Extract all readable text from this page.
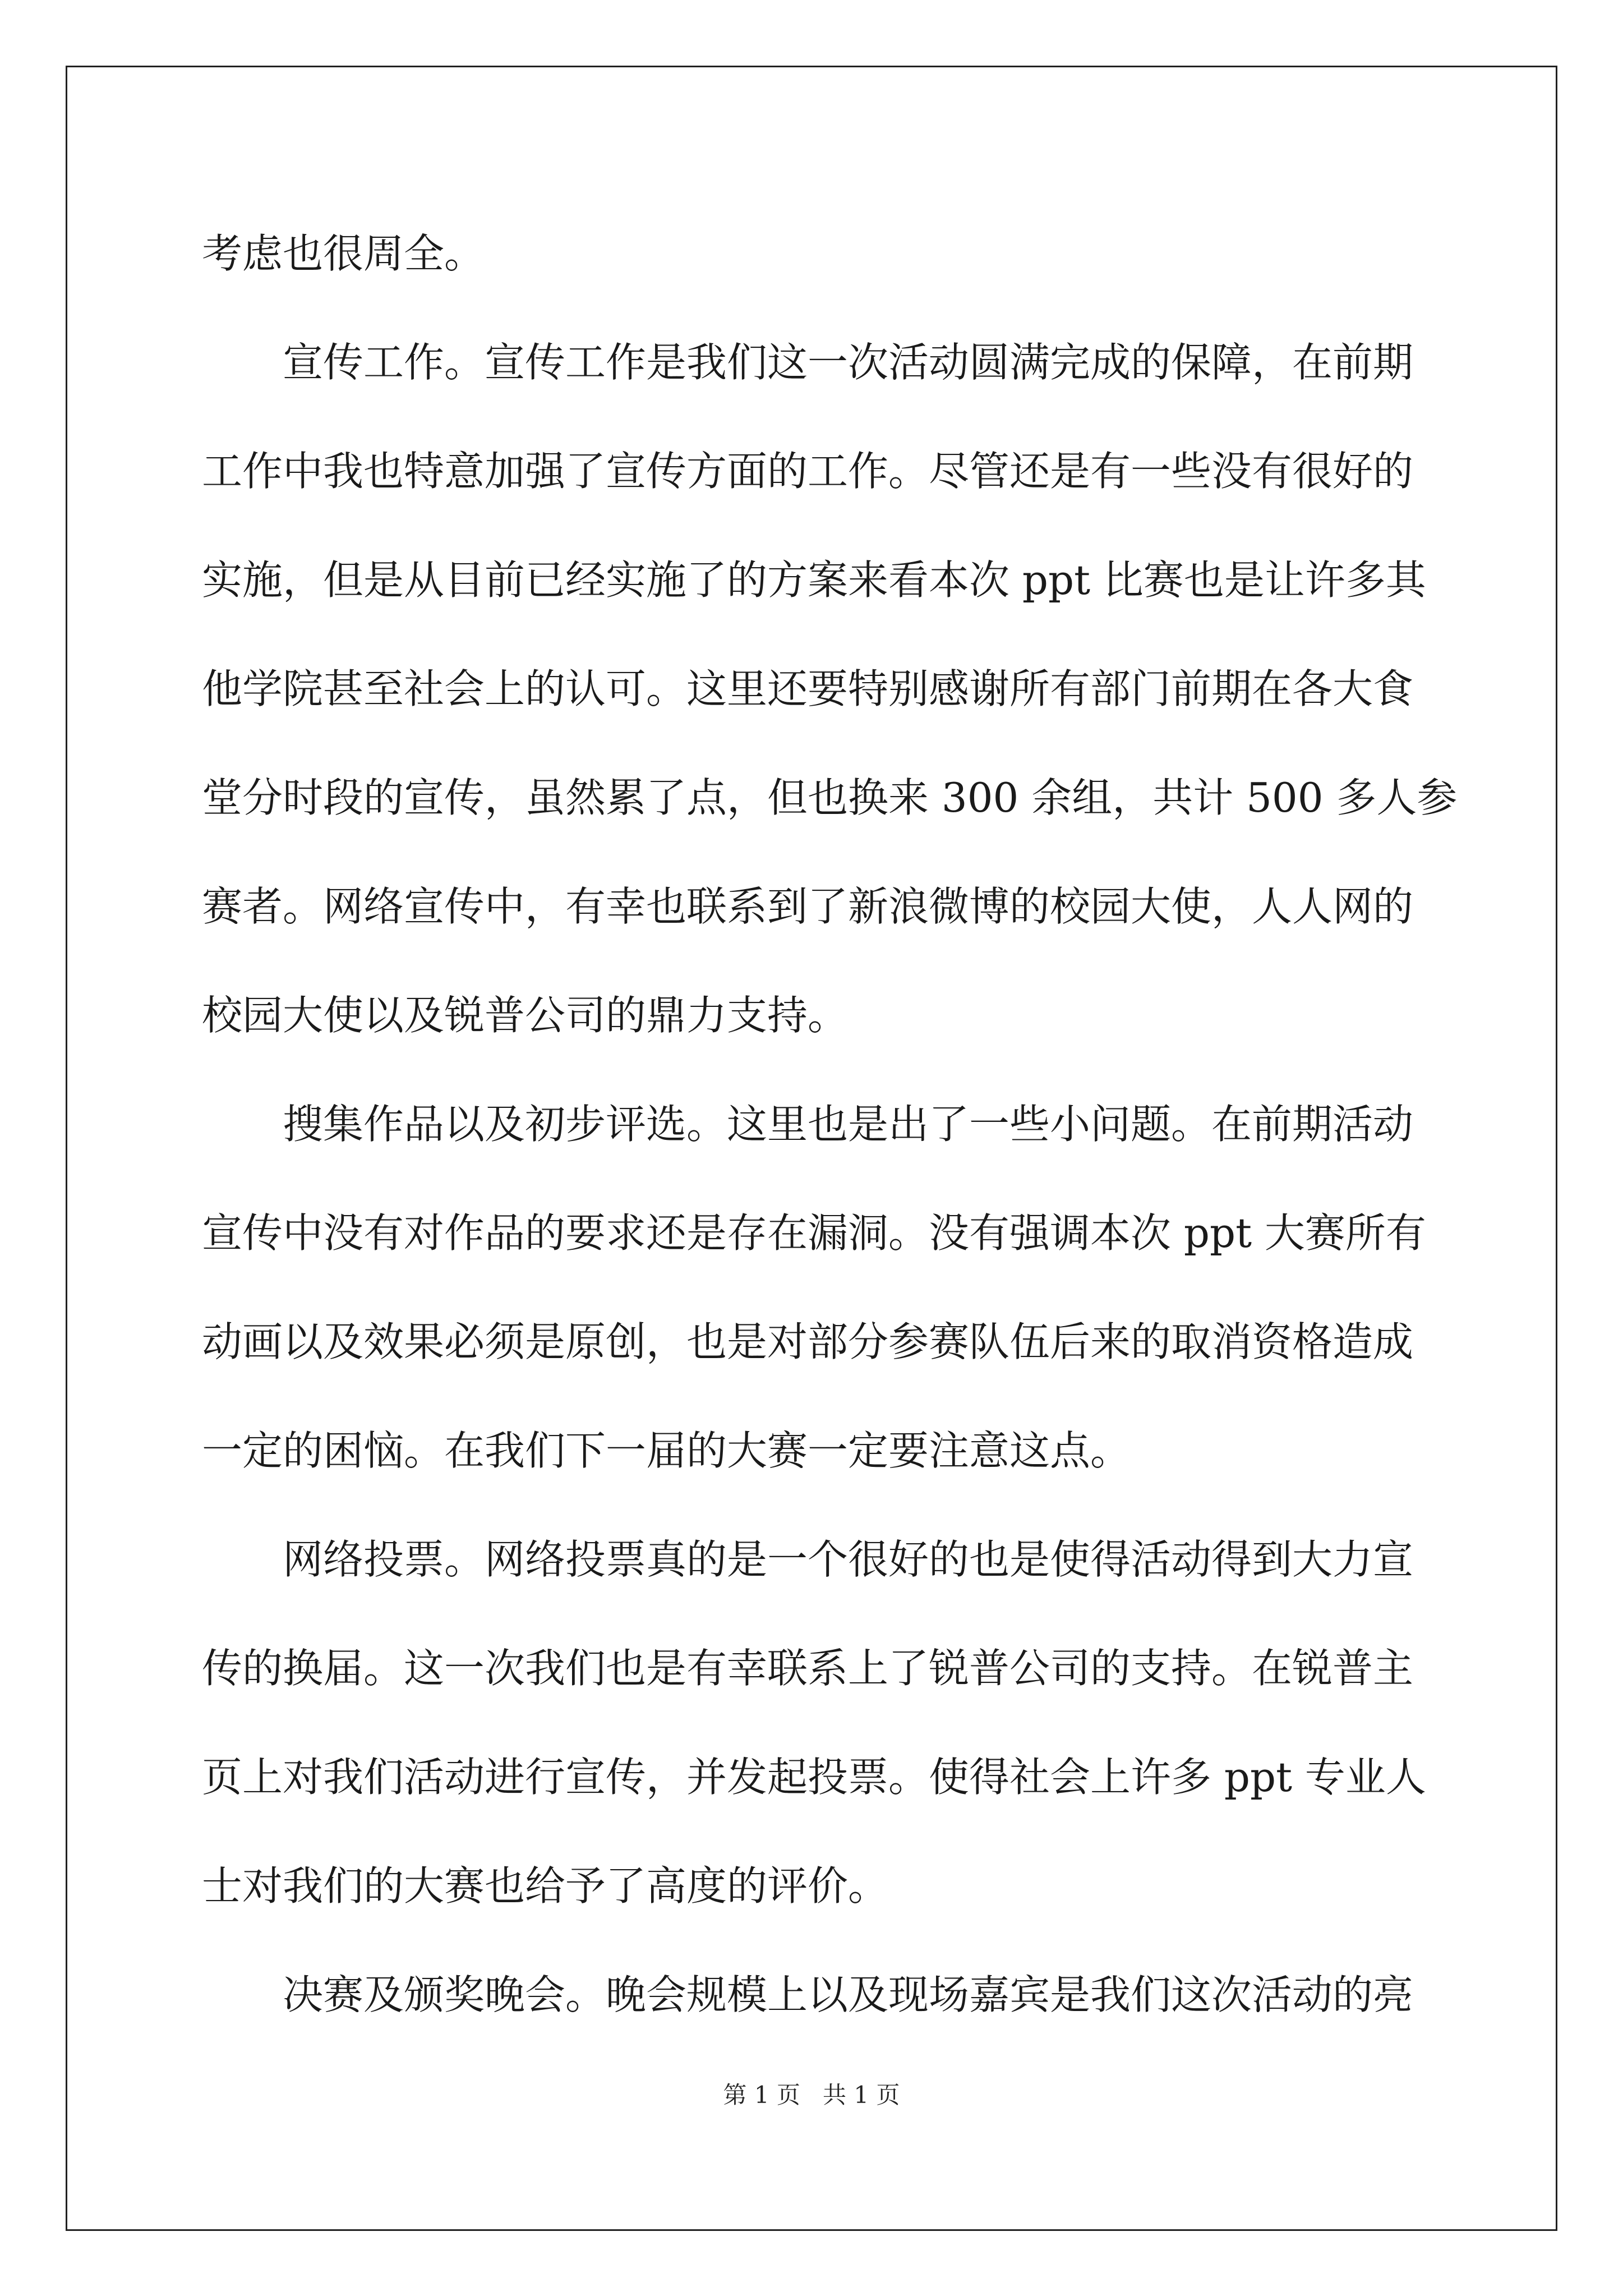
考虑也很周全。
宣传工作。宣传工作是我们这一次活动圆满完成的保障，在前期
工作中我也特意加强了宣传方面的工作。尽管还是有一些没有很好的
实施，但是从目前已经实施了的方案来看本次 ppt 比赛也是让许多其
他学院甚至社会上的认可。这里还要特别感谢所有部门前期在各大食
堂分时段的宣传，虽然累了点，但也换来 300 余组，共计 500 多人参
赛者。网络宣传中，有幸也联系到了新浪微博的校园大使，人人网的
校园大使以及锐普公司的鼎力支持。
搜集作品以及初步评选。这里也是出了一些小问题。在前期活动
宣传中没有对作品的要求还是存在漏洞。没有强调本次 ppt 大赛所有
动画以及效果必须是原创，也是对部分参赛队伍后来的取消资格造成
一定的困恼。在我们下一届的大赛一定要注意这点。
网络投票。网络投票真的是一个很好的也是使得活动得到大力宣
传的换届。这一次我们也是有幸联系上了锐普公司的支持。在锐普主
页上对我们活动进行宣传，并发起投票。使得社会上许多 ppt 专业人
士对我们的大赛也给予了高度的评价。
决赛及颁奖晚会。晚会规模上以及现场嘉宾是我们这次活动的亮
第 1 页 共 1 页
